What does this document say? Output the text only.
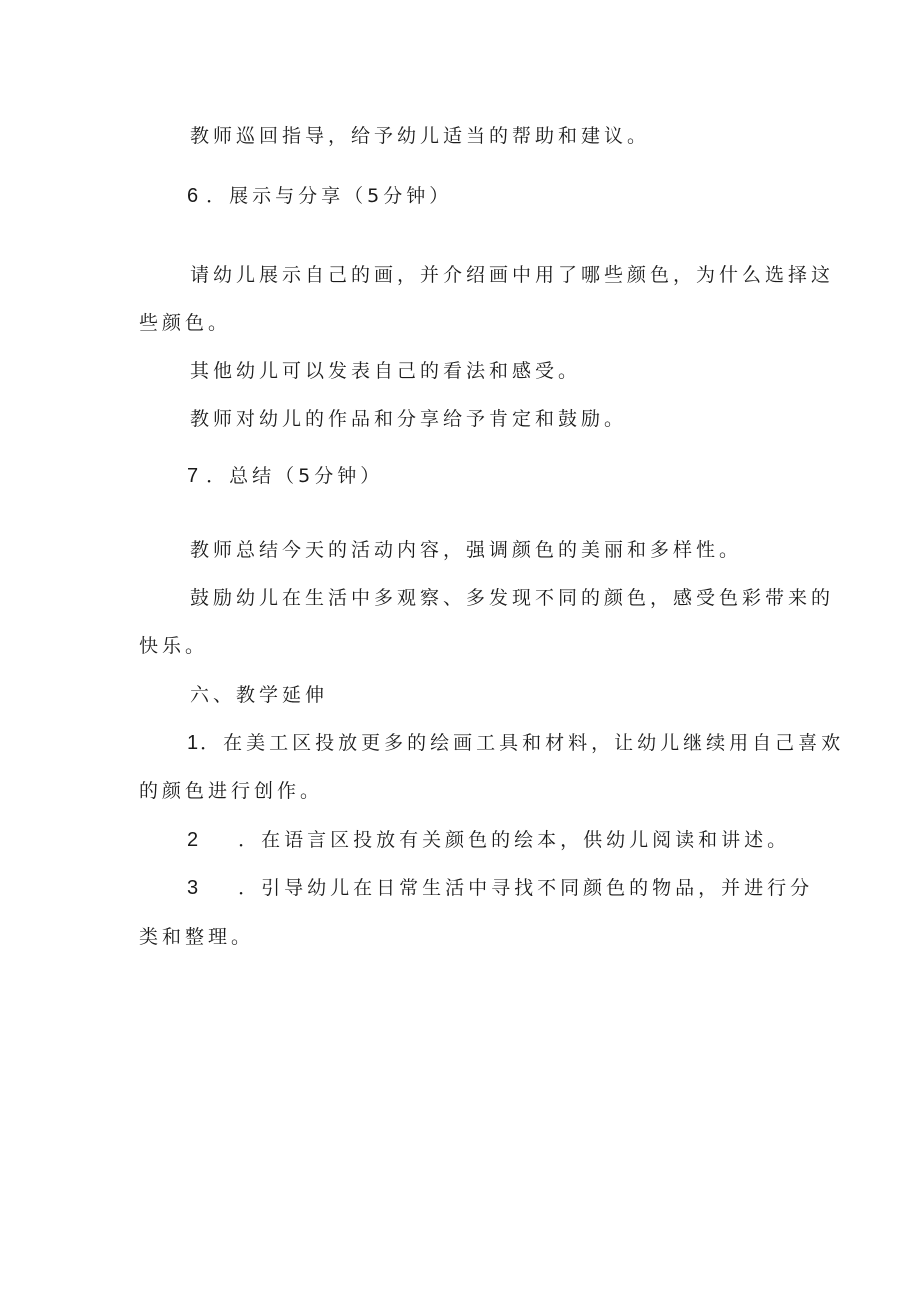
教师巡回指导，给予幼儿适当的帮助和建议。
6 ．展示与分享（5分钟）
请幼儿展示自己的画，并介绍画中用了哪些颜色，为什么选择这
些颜色。
其他幼儿可以发表自己的看法和感受。
教师对幼儿的作品和分享给予肯定和鼓励。
7 ．总结（5分钟）
教师总结今天的活动内容，强调颜色的美丽和多样性。
鼓励幼儿在生活中多观察、多发现不同的颜色，感受色彩带来的
快乐。
六、教学延伸
1 ．在美工区投放更多的绘画工具和材料，让幼儿继续用自己喜欢
的颜色进行创作。
2 ．在语言区投放有关颜色的绘本，供幼儿阅读和讲述。
3 ．引导幼儿在日常生活中寻找不同颜色的物品，并进行分
类和整理。
